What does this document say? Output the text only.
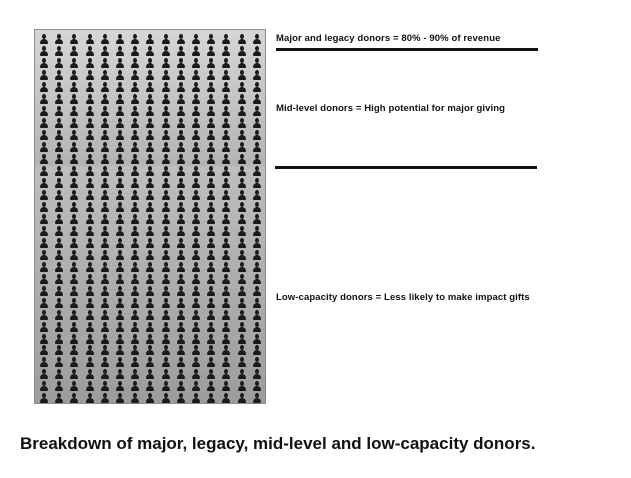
Major and legacy donors = 80% - 90% of revenue

Mid-level donors = High potential for major giving

Low-capacity donors = Less likely to make impact gifts

Breakdown of major, legacy, mid-level and low-capacity donors.
